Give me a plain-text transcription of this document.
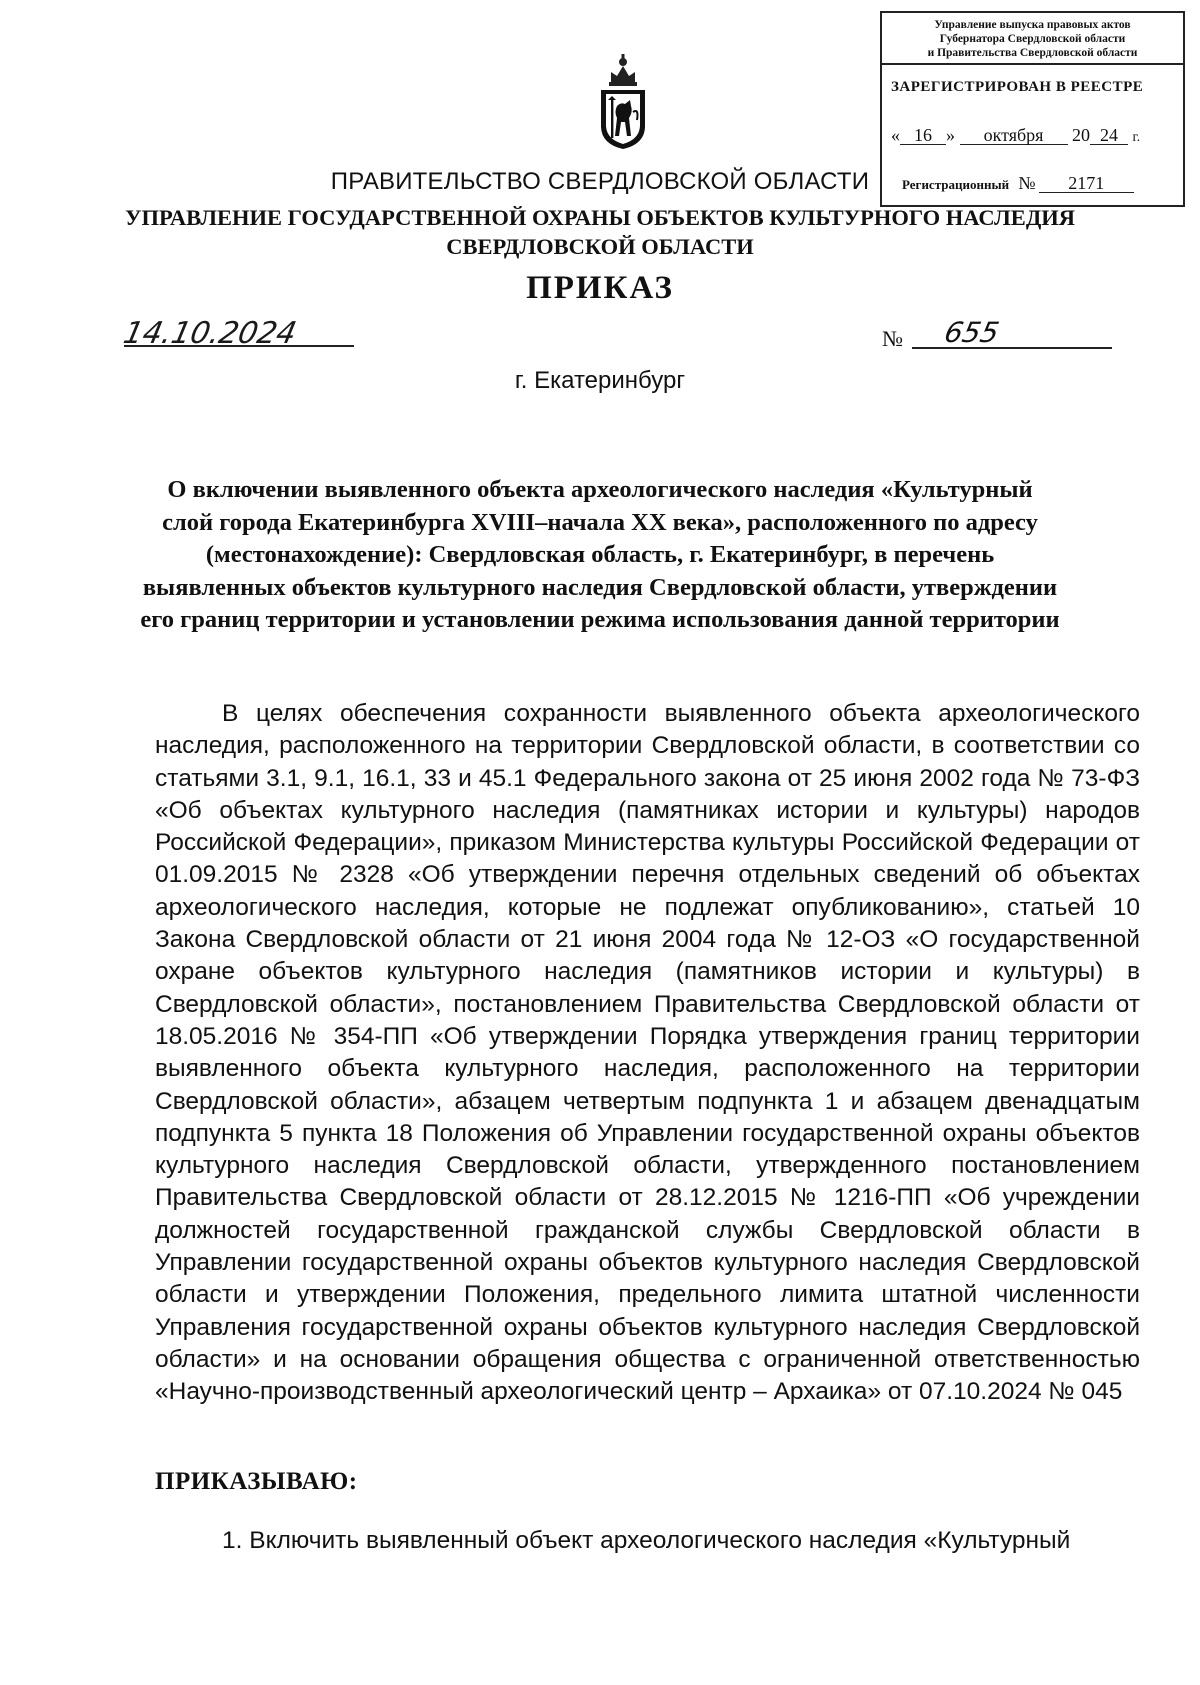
Управление выпуска правовых актов
Губернатора Свердловской области
и Правительства Свердловской области
ЗАРЕГИСТРИРОВАН В РЕЕСТРЕ
« 16 » октября 20 24 г.
Регистрационный № 2171
ПРАВИТЕЛЬСТВО СВЕРДЛОВСКОЙ ОБЛАСТИ
УПРАВЛЕНИЕ ГОСУДАРСТВЕННОЙ ОХРАНЫ ОБЪЕКТОВ КУЛЬТУРНОГО НАСЛЕДИЯ
СВЕРДЛОВСКОЙ ОБЛАСТИ
ПРИКАЗ
14.10.2024	№ 655
г. Екатеринбург
О включении выявленного объекта археологического наследия «Культурный слой города Екатеринбурга XVIII–начала XX века», расположенного по адресу (местонахождение): Свердловская область, г. Екатеринбург, в перечень выявленных объектов культурного наследия Свердловской области, утверждении его границ территории и установлении режима использования данной территории
В целях обеспечения сохранности выявленного объекта археологического наследия, расположенного на территории Свердловской области, в соответствии со статьями 3.1, 9.1, 16.1, 33 и 45.1 Федерального закона от 25 июня 2002 года № 73-ФЗ «Об объектах культурного наследия (памятниках истории и культуры) народов Российской Федерации», приказом Министерства культуры Российской Федерации от 01.09.2015 № 2328 «Об утверждении перечня отдельных сведений об объектах археологического наследия, которые не подлежат опубликованию», статьей 10 Закона Свердловской области от 21 июня 2004 года № 12-ОЗ «О государственной охране объектов культурного наследия (памятников истории и культуры) в Свердловской области», постановлением Правительства Свердловской области от 18.05.2016 № 354-ПП «Об утверждении Порядка утверждения границ территории выявленного объекта культурного наследия, расположенного на территории Свердловской области», абзацем четвертым подпункта 1 и абзацем двенадцатым подпункта 5 пункта 18 Положения об Управлении государственной охраны объектов культурного наследия Свердловской области, утвержденного постановлением Правительства Свердловской области от 28.12.2015 № 1216-ПП «Об учреждении должностей государственной гражданской службы Свердловской области в Управлении государственной охраны объектов культурного наследия Свердловской области и утверждении Положения, предельного лимита штатной численности Управления государственной охраны объектов культурного наследия Свердловской области» и на основании обращения общества с ограниченной ответственностью «Научно-производственный археологический центр – Архаика» от 07.10.2024 № 045
ПРИКАЗЫВАЮ:
1. Включить выявленный объект археологического наследия «Культурный
